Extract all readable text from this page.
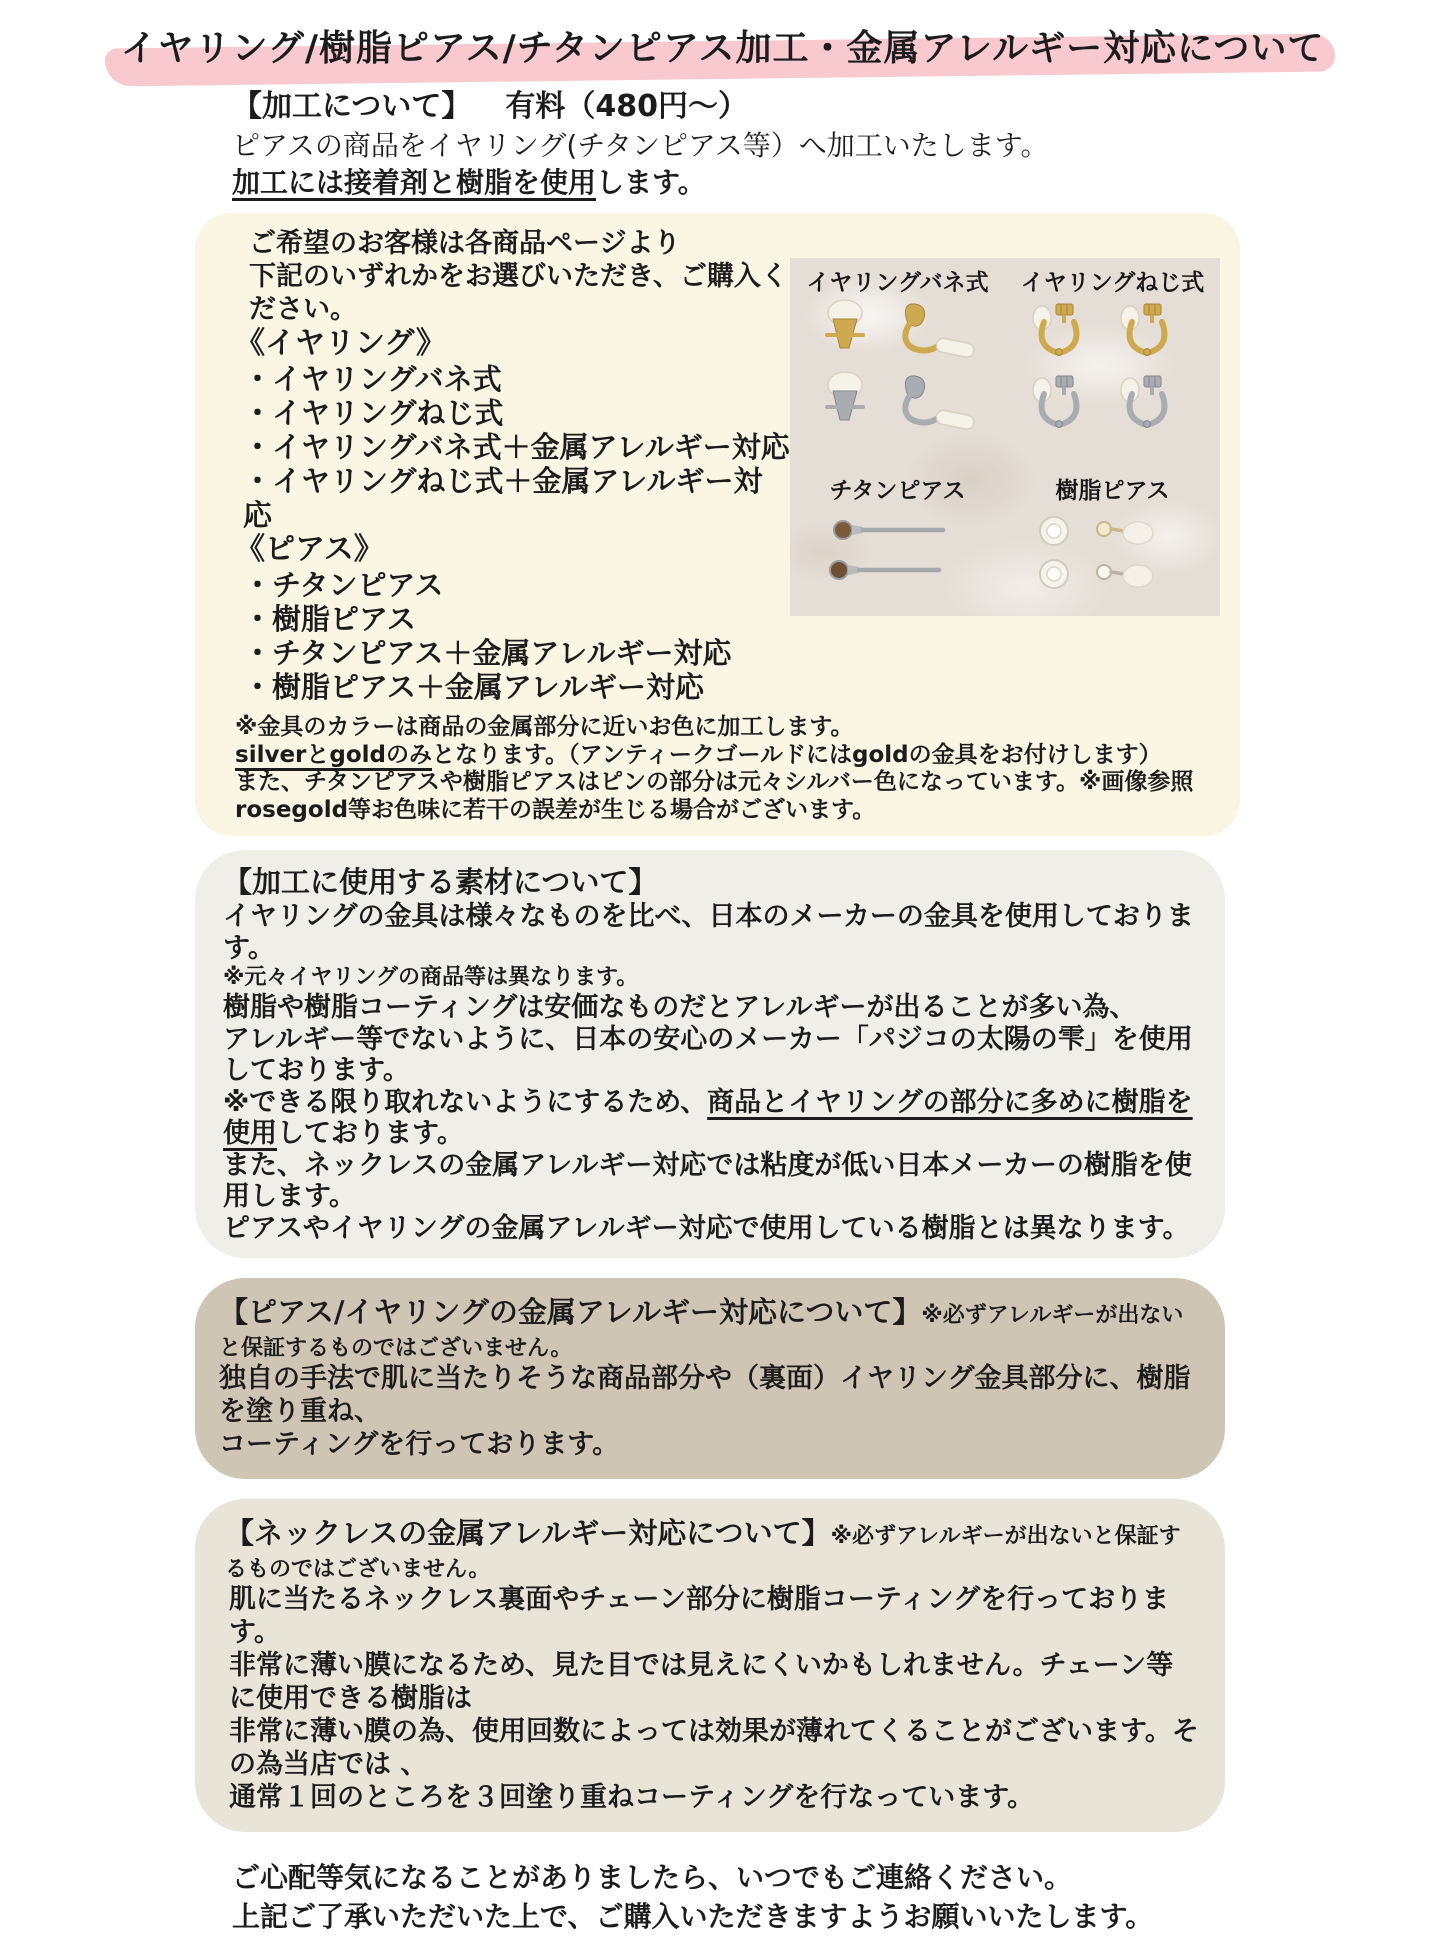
イヤリング/樹脂ピアス/チタンピアス加工・金属アレルギー対応について
【加工について】 有料（480円〜）
ピアスの商品をイヤリング(チタンピアス等）へ加工いたします。
加工には接着剤と樹脂を使用します。
ご希望のお客様は各商品ページより
下記のいずれかをお選びいただき、ご購入ください。
《イヤリング》
・イヤリングバネ式
・イヤリングねじ式
・イヤリングバネ式＋金属アレルギー対応
・イヤリングねじ式＋金属アレルギー対応
《ピアス》
・チタンピアス
・樹脂ピアス
・チタンピアス＋金属アレルギー対応
・樹脂ピアス＋金属アレルギー対応
イヤリングバネ式 イヤリングねじ式
チタンピアス	樹脂ピアス
※金具のカラーは商品の金属部分に近いお色に加工します。
silverとgoldのみとなります。（アンティークゴールドにはgoldの金具をお付けします）
また、チタンピアスや樹脂ピアスはピンの部分は元々シルバー色になっています。※画像参照
rosegold等お色味に若干の誤差が生じる場合がございます。
【加工に使用する素材について】
イヤリングの金具は様々なものを比べ、日本のメーカーの金具を使用しております。
※元々イヤリングの商品等は異なります。
樹脂や樹脂コーティングは安価なものだとアレルギーが出ることが多い為、
アレルギー等でないように、日本の安心のメーカー「パジコの太陽の雫」を使用しております。
※できる限り取れないようにするため、商品とイヤリングの部分に多めに樹脂を使用しております。
また、ネックレスの金属アレルギー対応では粘度が低い日本メーカーの樹脂を使用します。
ピアスやイヤリングの金属アレルギー対応で使用している樹脂とは異なります。
【ピアス/イヤリングの金属アレルギー対応について】※必ずアレルギーが出ないと保証するものではございません。
独自の手法で肌に当たりそうな商品部分や（裏面）イヤリング金具部分に、樹脂を塗り重ね、
コーティングを行っております。
【ネックレスの金属アレルギー対応について】※必ずアレルギーが出ないと保証するものではございません。
肌に当たるネックレス裏面やチェーン部分に樹脂コーティングを行っております。
非常に薄い膜になるため、見た目では見えにくいかもしれません。チェーン等に使用できる樹脂は
非常に薄い膜の為、使用回数によっては効果が薄れてくることがございます。その為当店では 、
通常１回のところを３回塗り重ねコーティングを行なっています。
ご心配等気になることがありましたら、いつでもご連絡ください。
上記ご了承いただいた上で、ご購入いただきますようお願いいたします。
